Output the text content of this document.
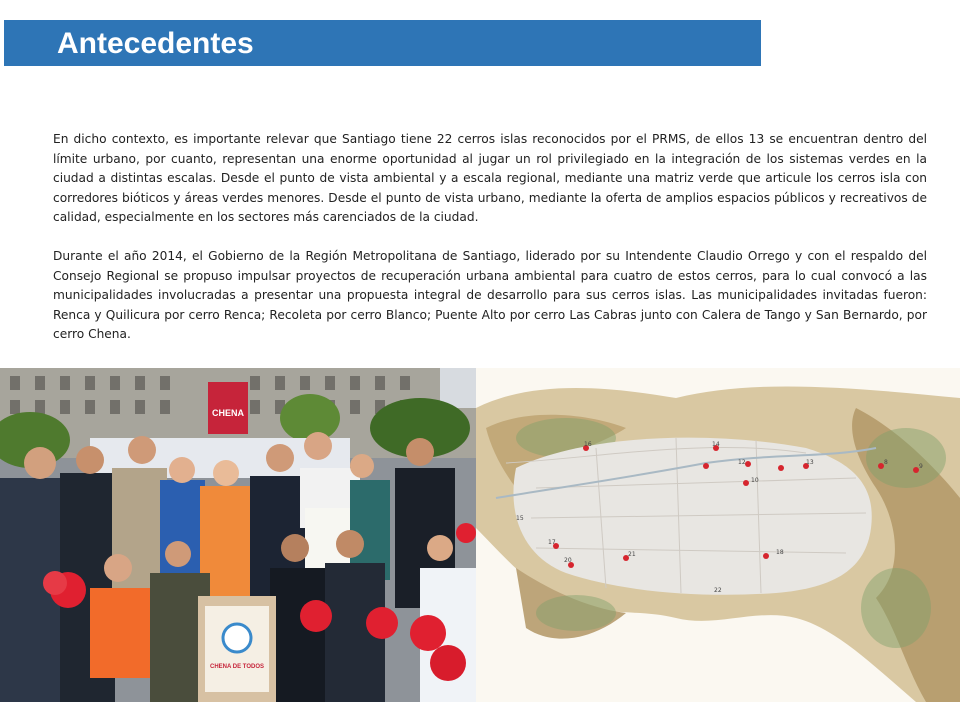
Antecedentes

En dicho contexto, es importante relevar que Santiago tiene 22 cerros islas reconocidos por el PRMS, de ellos 13 se encuentran dentro del límite urbano, por cuanto, representan una enorme oportunidad al jugar un rol privilegiado en la integración de los sistemas verdes en la ciudad a distintas escalas. Desde el punto de vista ambiental y a escala regional, mediante una matriz verde que articule los cerros isla con corredores bióticos y áreas verdes menores. Desde el punto de vista urbano, mediante la oferta de amplios espacios públicos y recreativos de calidad, especialmente en los sectores más carenciados de la ciudad.

Durante el año 2014, el Gobierno de la Región Metropolitana de Santiago, liderado por su Intendente Claudio Orrego y con el respaldo del Consejo Regional se propuso impulsar proyectos de recuperación urbana ambiental para cuatro de estos cerros, para lo cual convocó a las municipalidades involucradas a presentar una propuesta integral de desarrollo para sus cerros islas. Las municipalidades invitadas fueron: Renca y Quilicura por cerro Renca; Recoleta por cerro Blanco; Puente Alto por cerro Las Cabras junto con Calera de Tango y San Bernardo, por cerro Chena.

CHENA
CHENA DE TODOS
10
12	13
14
15
16
17
18
20
21
22
8
9
